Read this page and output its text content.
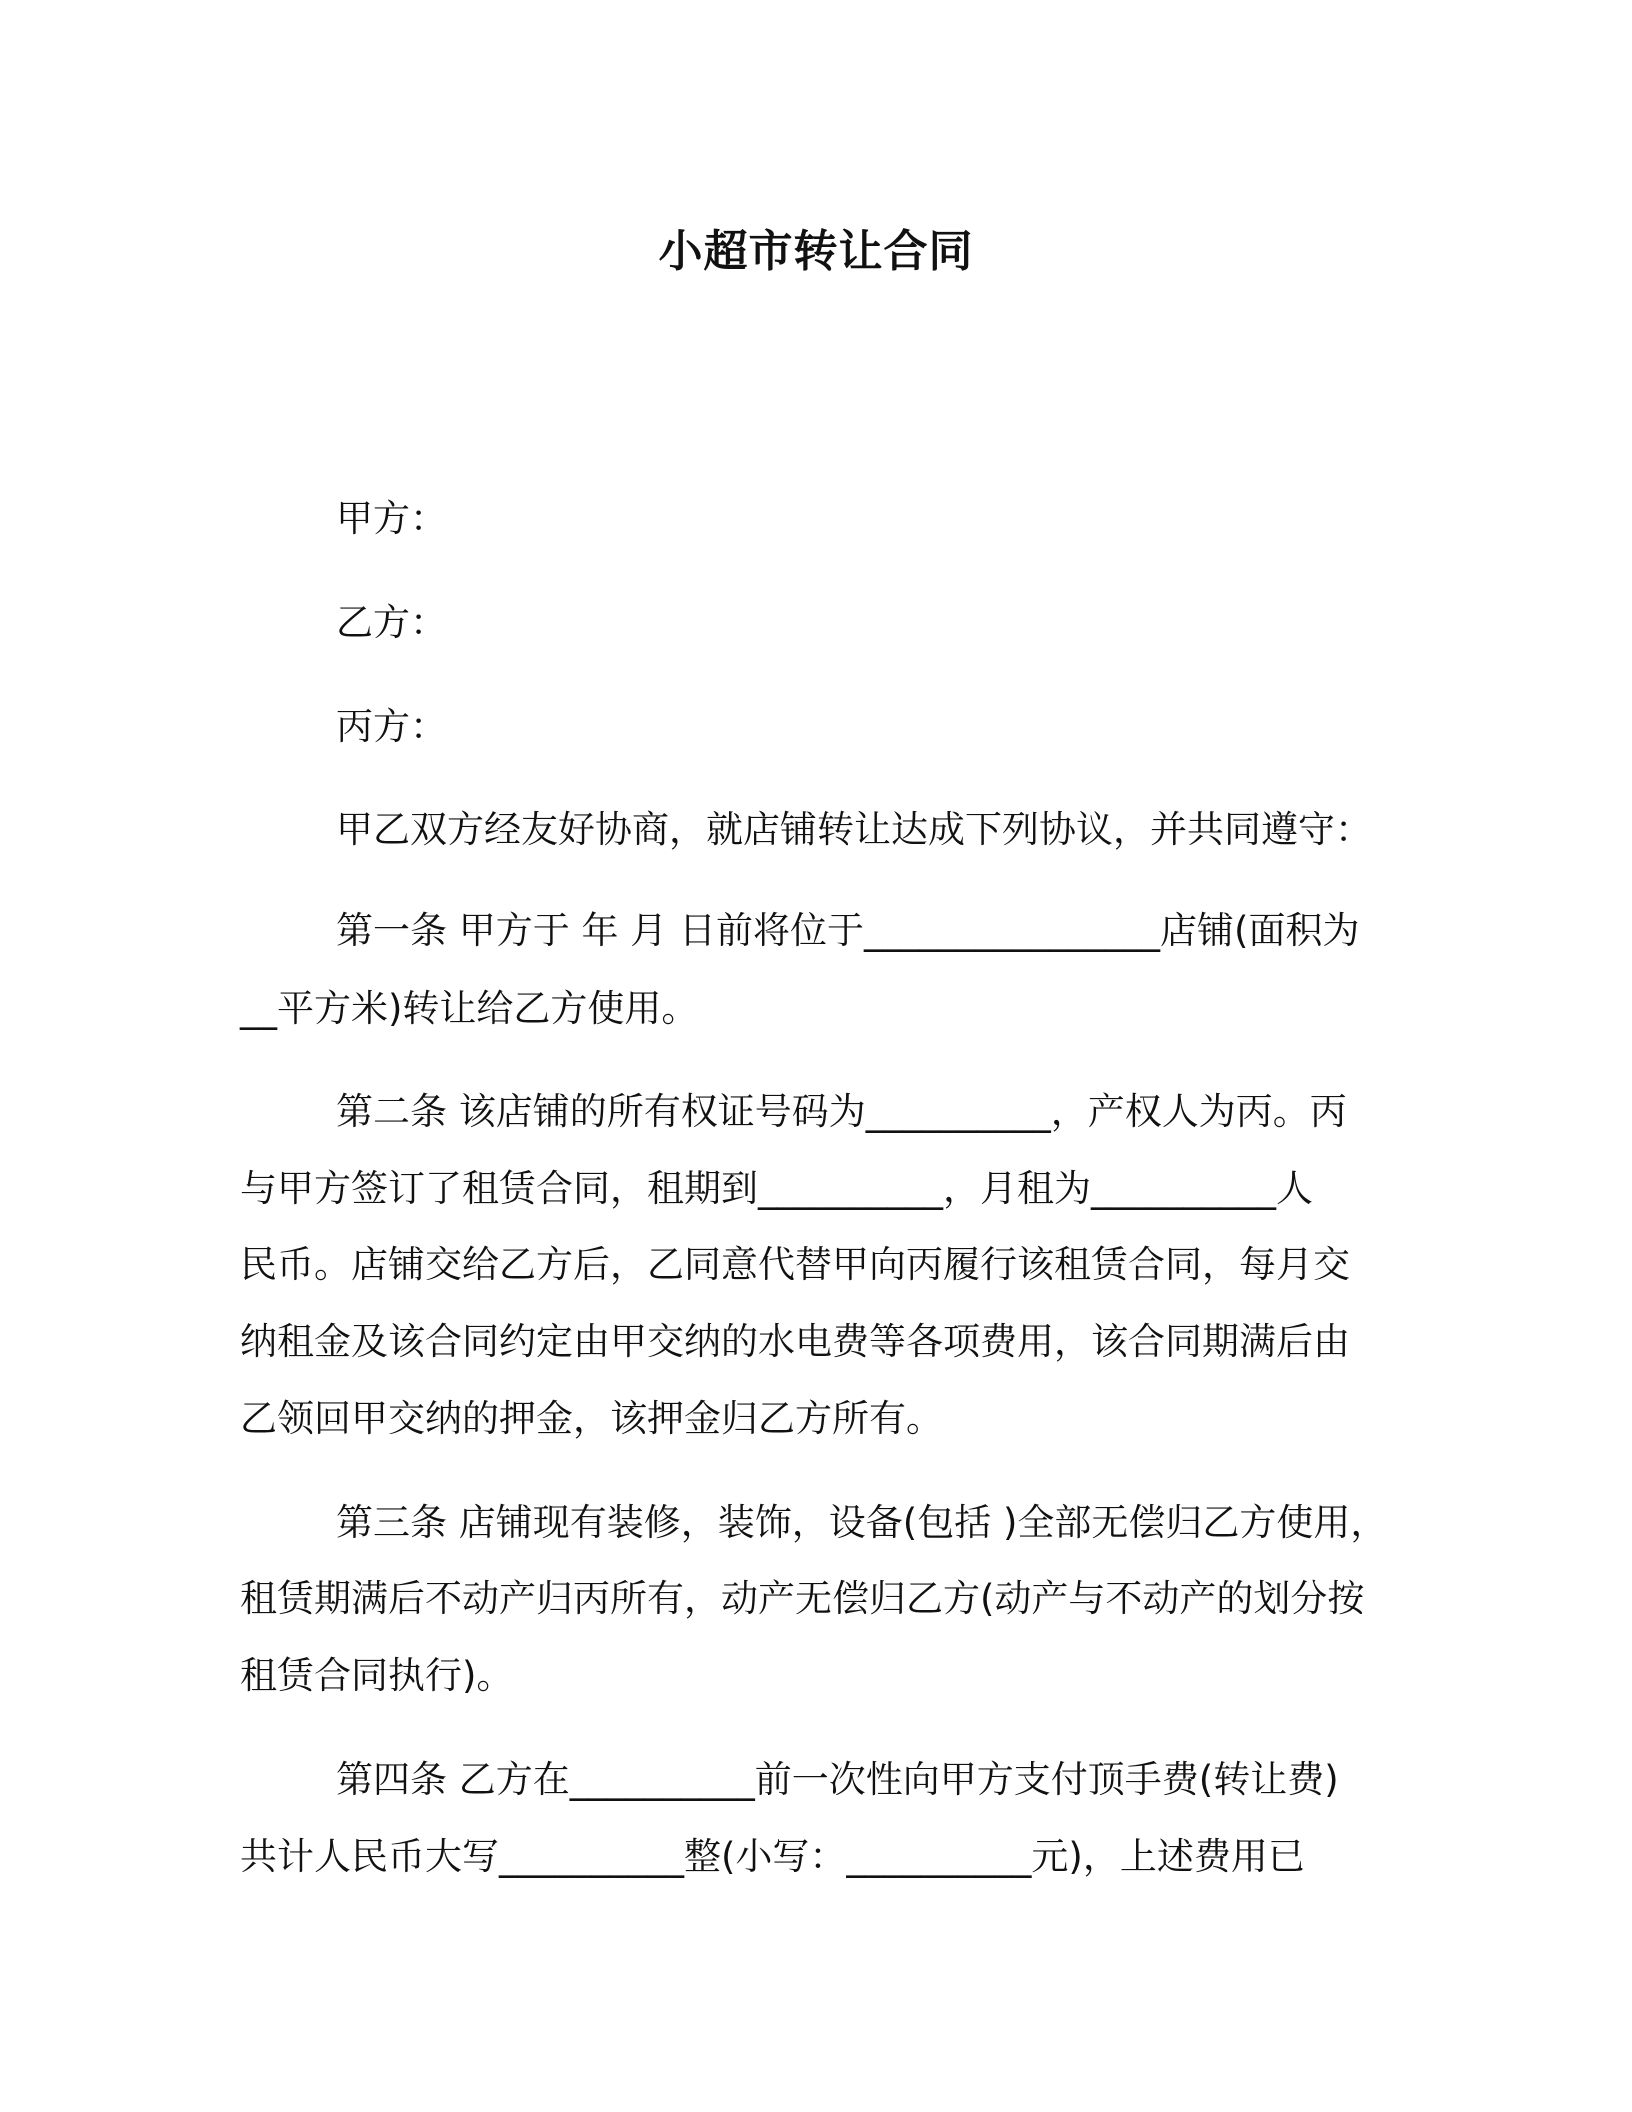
小超市转让合同

甲方：

乙方：

丙方：

甲乙双方经友好协商，就店铺转让达成下列协议，并共同遵守：

第一条 甲方于 年 月 日前将位于________________店铺(面积为

__平方米)转让给乙方使用。

第二条 该店铺的所有权证号码为__________，产权人为丙。丙

与甲方签订了租赁合同，租期到__________，月租为__________人

民币。店铺交给乙方后，乙同意代替甲向丙履行该租赁合同，每月交

纳租金及该合同约定由甲交纳的水电费等各项费用，该合同期满后由

乙领回甲交纳的押金，该押金归乙方所有。

第三条 店铺现有装修，装饰，设备(包括 )全部无偿归乙方使用，

租赁期满后不动产归丙所有，动产无偿归乙方(动产与不动产的划分按

租赁合同执行)。

第四条 乙方在__________前一次性向甲方支付顶手费(转让费)

共计人民币大写__________整(小写：__________元)，上述费用已
